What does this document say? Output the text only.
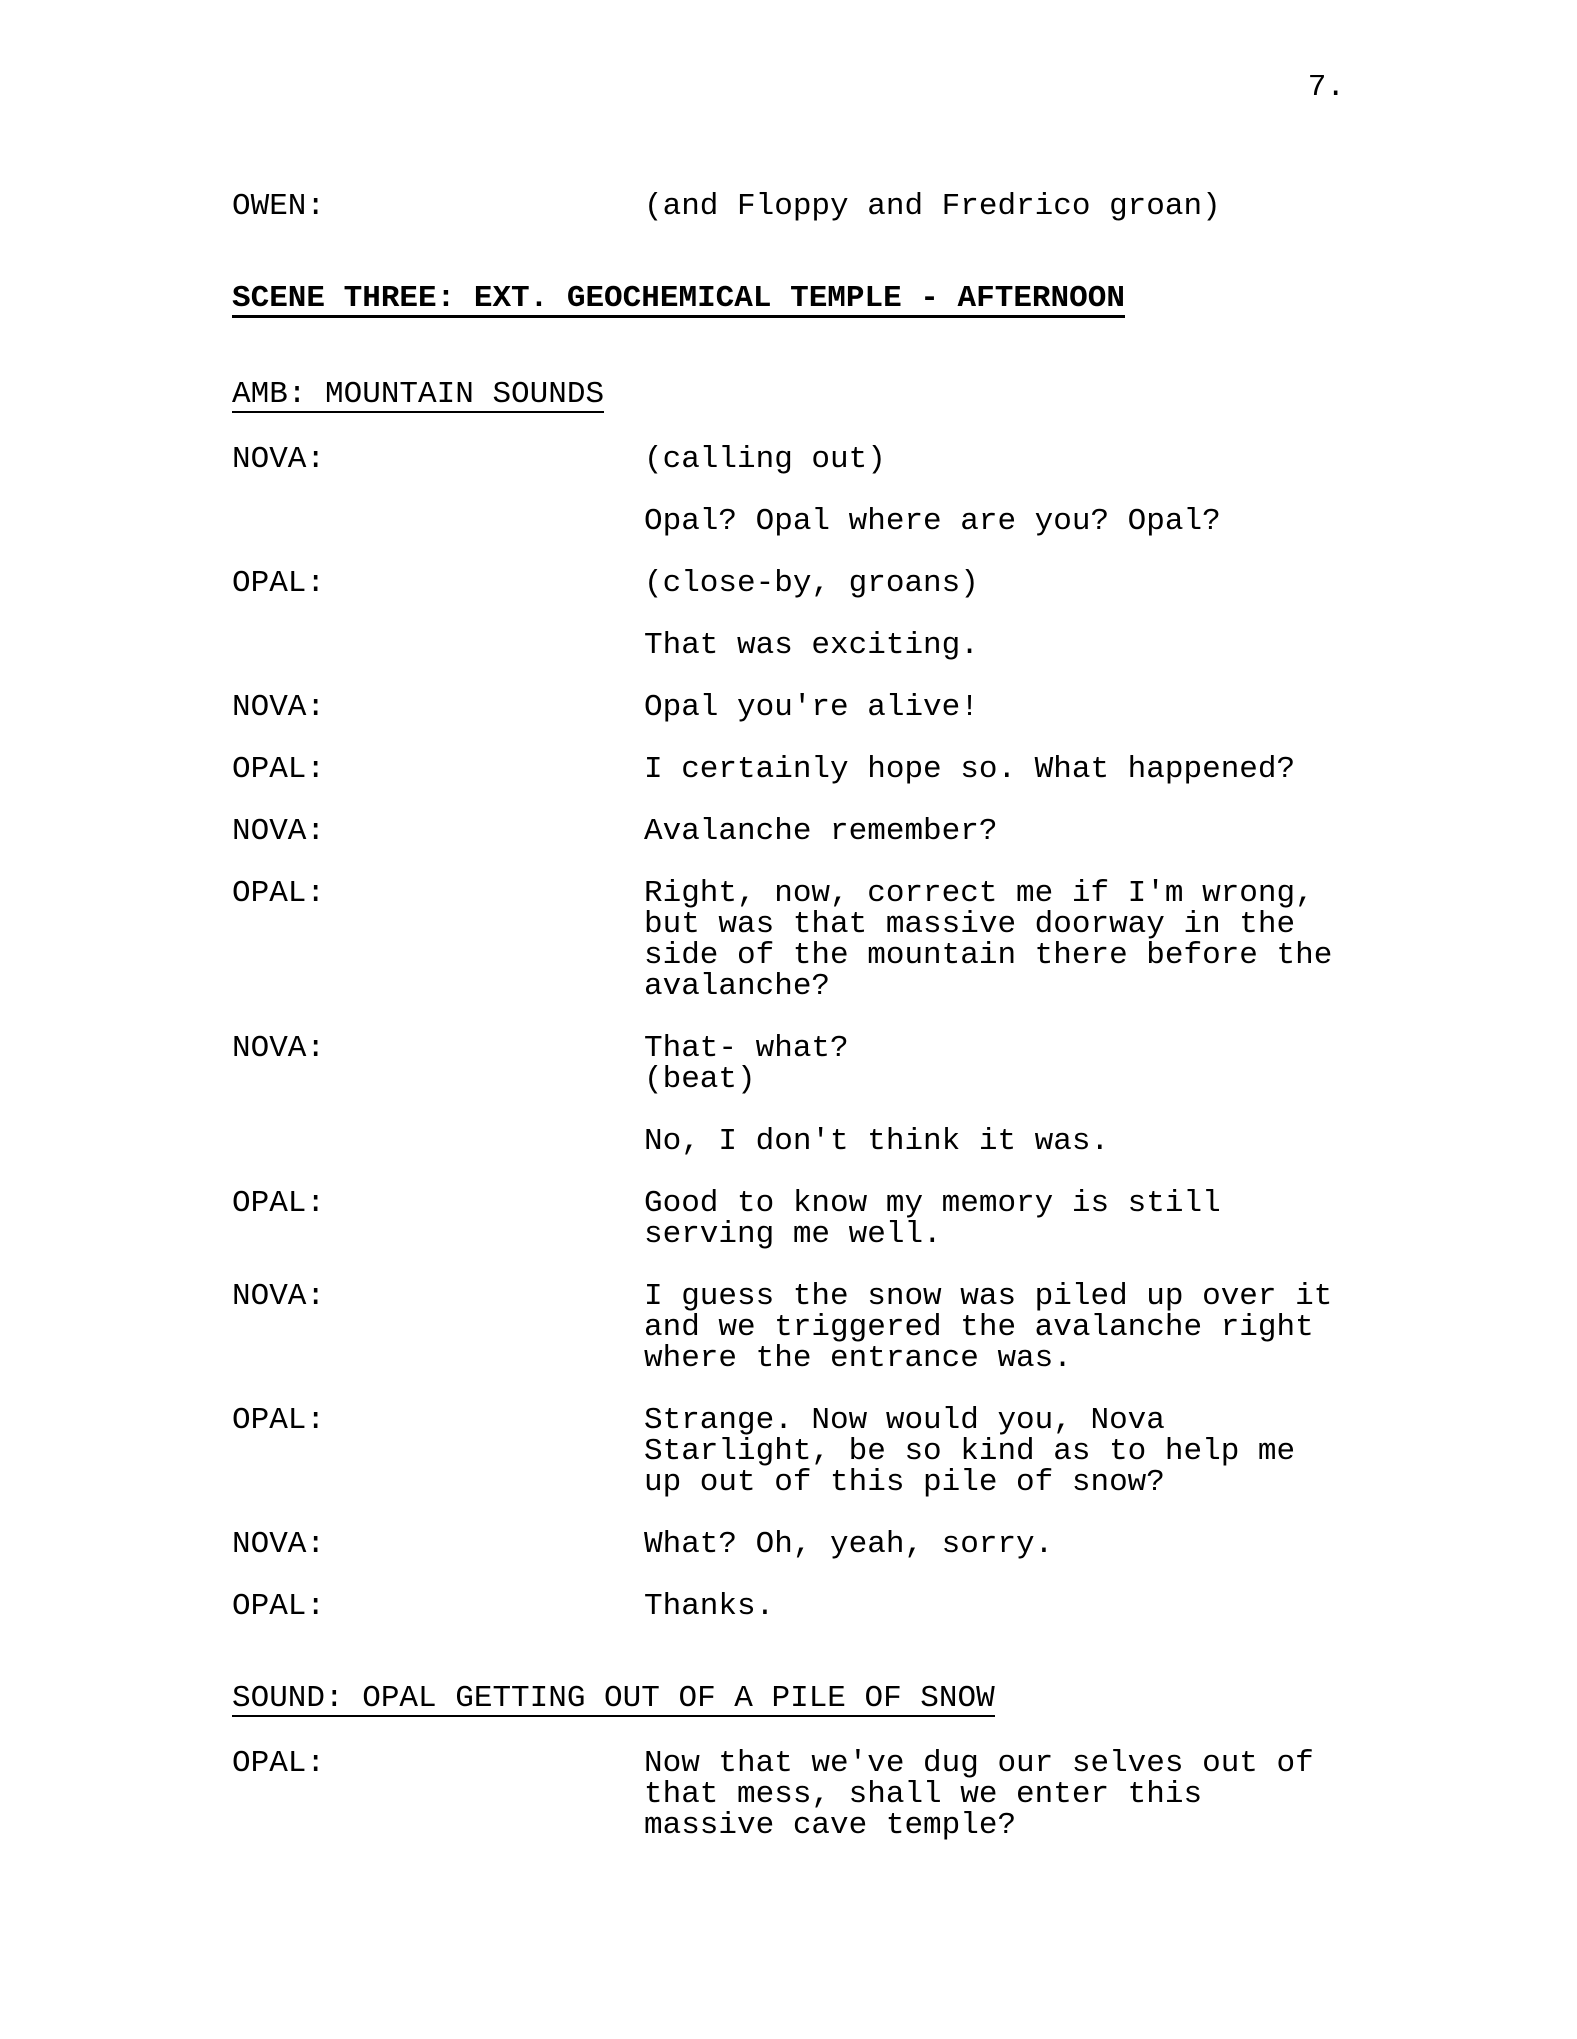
7.
OWEN:	(and Floppy and Fredrico groan)
SCENE THREE: EXT. GEOCHEMICAL TEMPLE - AFTERNOON
AMB: MOUNTAIN SOUNDS
NOVA:	(calling out)
Opal? Opal where are you? Opal?
OPAL:	(close-by, groans)
That was exciting.
NOVA:	Opal you're alive!
OPAL:	I certainly hope so. What happened?
NOVA:	Avalanche remember?
OPAL:	Right, now, correct me if I'm wrong,
but was that massive doorway in the
side of the mountain there before the
avalanche?
NOVA:	That- what?
(beat)
No, I don't think it was.
OPAL:	Good to know my memory is still
serving me well.
NOVA:	I guess the snow was piled up over it
and we triggered the avalanche right
where the entrance was.
OPAL:	Strange. Now would you, Nova
Starlight, be so kind as to help me
up out of this pile of snow?
NOVA:	What? Oh, yeah, sorry.
OPAL:	Thanks.
SOUND: OPAL GETTING OUT OF A PILE OF SNOW
OPAL:	Now that we've dug our selves out of
that mess, shall we enter this
massive cave temple?
